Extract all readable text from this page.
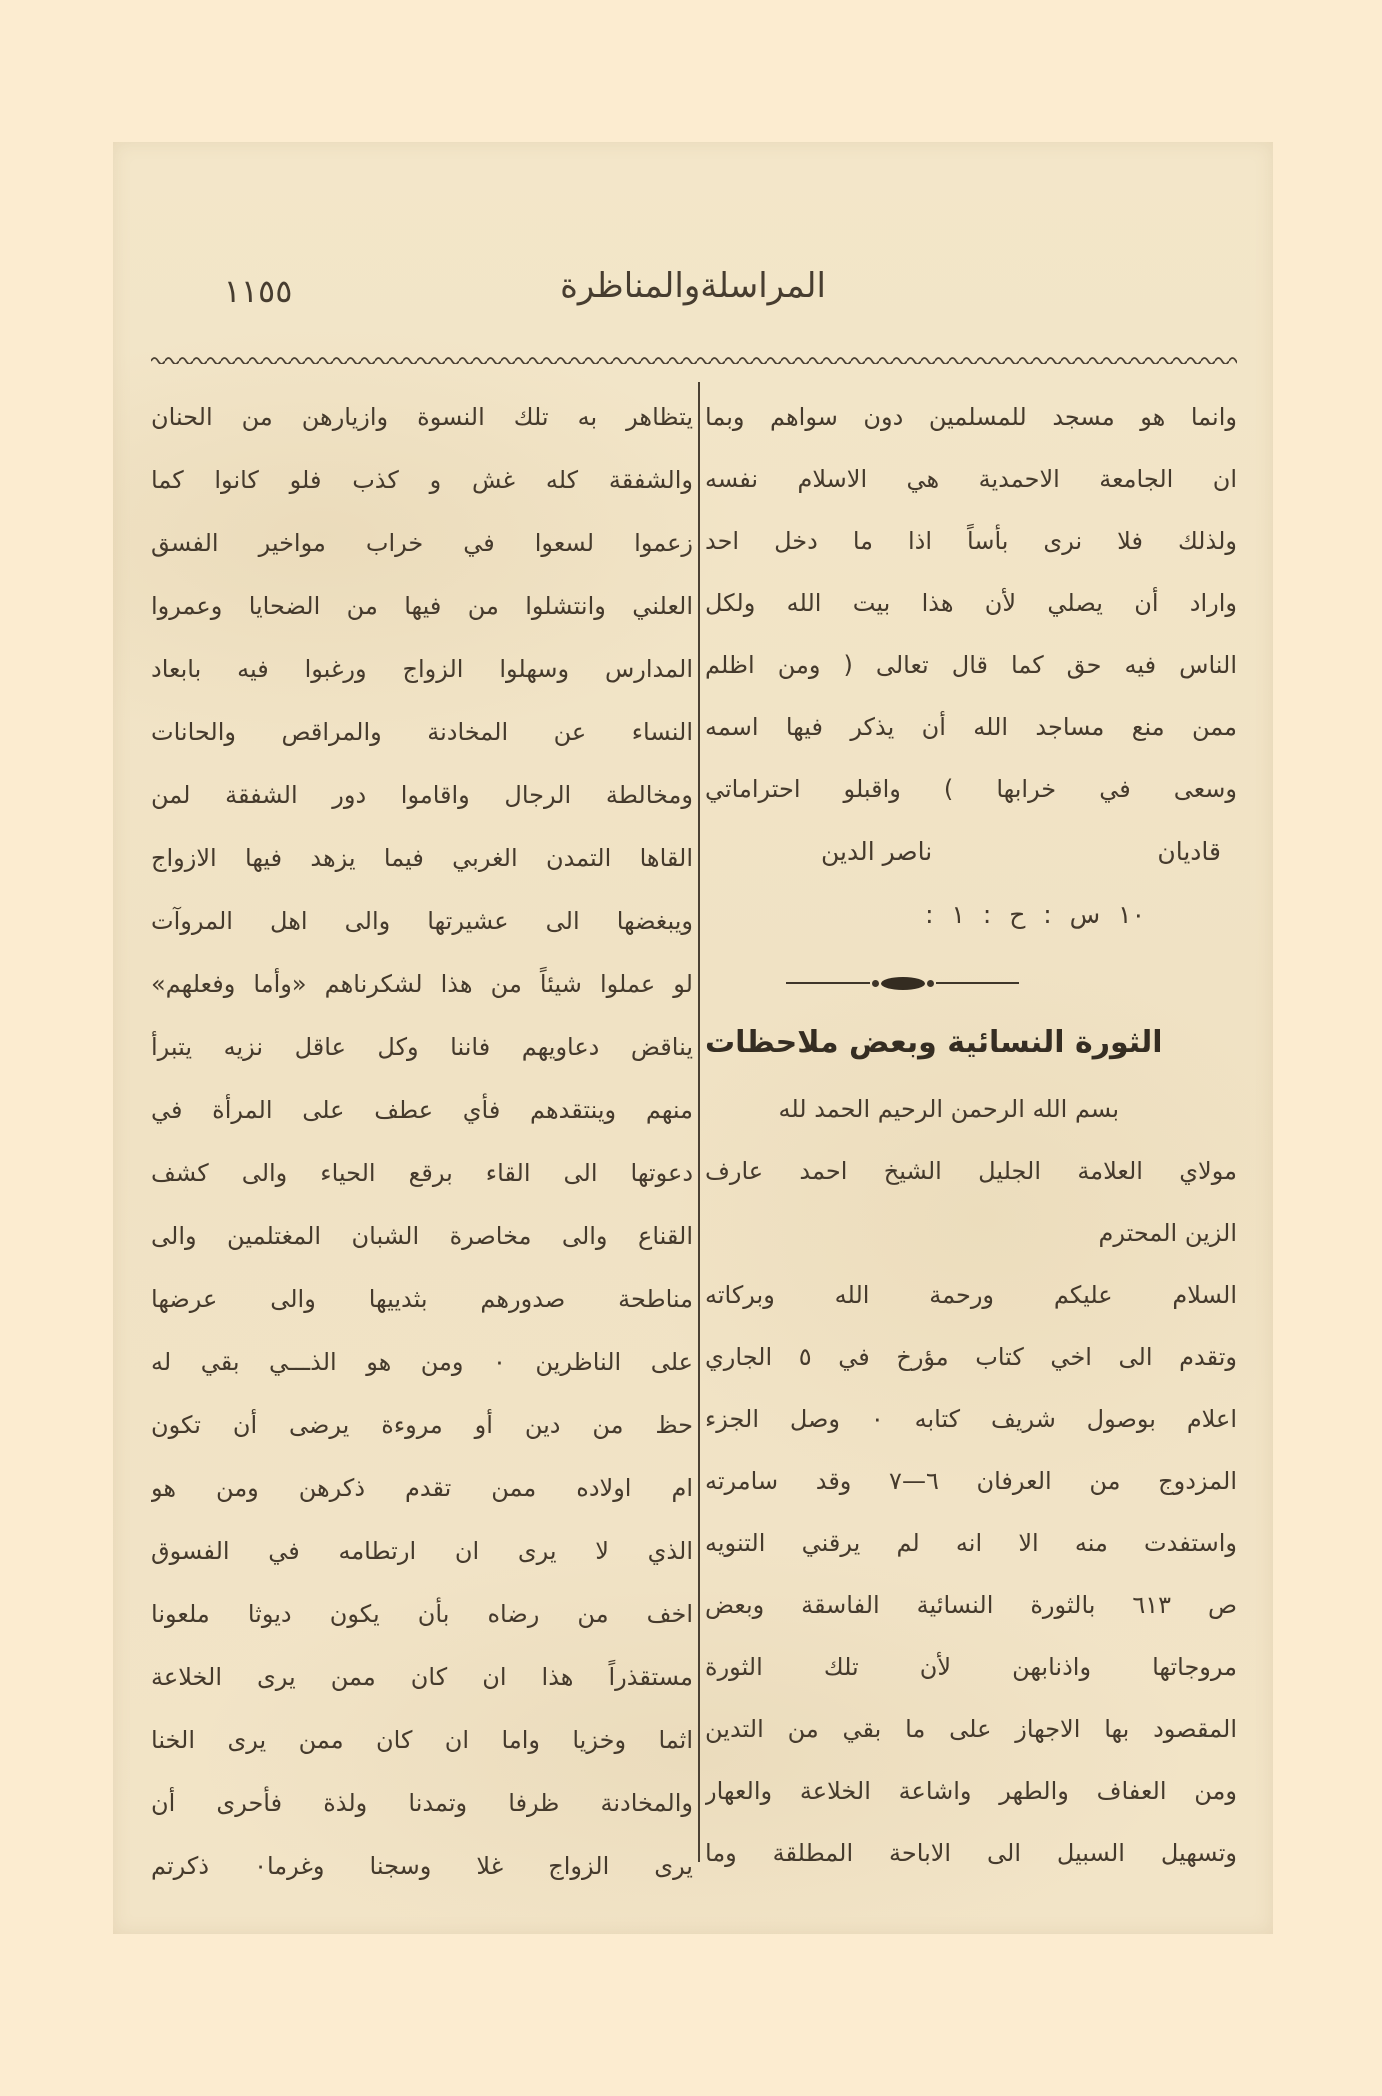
١١٥٥	المراسلةوالمناظرة
وانما هو مسجد للمسلمين دون سواهم وبما
ان الجامعة الاحمدية هي الاسلام نفسه
ولذلك فلا نرى بأساً اذا ما دخل احد
واراد أن يصلي لأن هذا بيت الله ولكل
الناس فيه حق كما قال تعالى ( ومن اظلم
ممن منع مساجد الله أن يذكر فيها اسمه
وسعى في خرابها ) واقبلو احتراماتي
قاديان
ناصر الدين
١٠ س : ح : ١ :
الثورة النسائية وبعض ملاحظات
بسم الله الرحمن الرحيم الحمد لله
مولاي العلامة الجليل الشيخ احمد عارف
الزين المحترم
السلام عليكم ورحمة الله وبركاته
وتقدم الى اخي كتاب مؤرخ في ٥ الجاري
اعلام بوصول شريف كتابه ٠ وصل الجزء
المزدوج من العرفان ٦—٧ وقد سامرته
واستفدت منه الا انه لم يرقني التنويه
ص ٦١٣ بالثورة النسائية الفاسقة وبعض
مروجاتها واذنابهن لأن تلك الثورة
المقصود بها الاجهاز على ما بقي من التدين
ومن العفاف والطهر واشاعة الخلاعة والعهار
وتسهيل السبيل الى الاباحة المطلقة وما
يتظاهر به تلك النسوة وازيارهن من الحنان
والشفقة كله غش و كذب فلو كانوا كما
زعموا لسعوا في خراب مواخير الفسق
العلني وانتشلوا من فيها من الضحايا وعمروا
المدارس وسهلوا الزواج ورغبوا فيه بابعاد
النساء عن المخادنة والمراقص والحانات
ومخالطة الرجال واقاموا دور الشفقة لمن
القاها التمدن الغربي فيما يزهد فيها الازواج
ويبغضها الى عشيرتها والى اهل المروآت
لو عملوا شيئاً من هذا لشكرناهم «وأما وفعلهم»
يناقض دعاويهم فاننا وكل عاقل نزيه يتبرأ
منهم وينتقدهم فأي عطف على المرأة في
دعوتها الى القاء برقع الحياء والى كشف
القناع والى مخاصرة الشبان المغتلمين والى
مناطحة صدورهم بثدييها والى عرضها
على الناظرين ٠ ومن هو الذـــي بقي له
حظ من دين أو مروءة يرضى أن تكون
ام اولاده ممن تقدم ذكرهن ومن هو
الذي لا يرى ان ارتطامه في الفسوق
اخف من رضاه بأن يكون ديوثا ملعونا
مستقذراً هذا ان كان ممن يرى الخلاعة
اثما وخزيا واما ان كان ممن يرى الخنا
والمخادنة ظرفا وتمدنا ولذة فأحرى أن
يرى الزواج غلا وسجنا وغرما٠ ذكرتم
